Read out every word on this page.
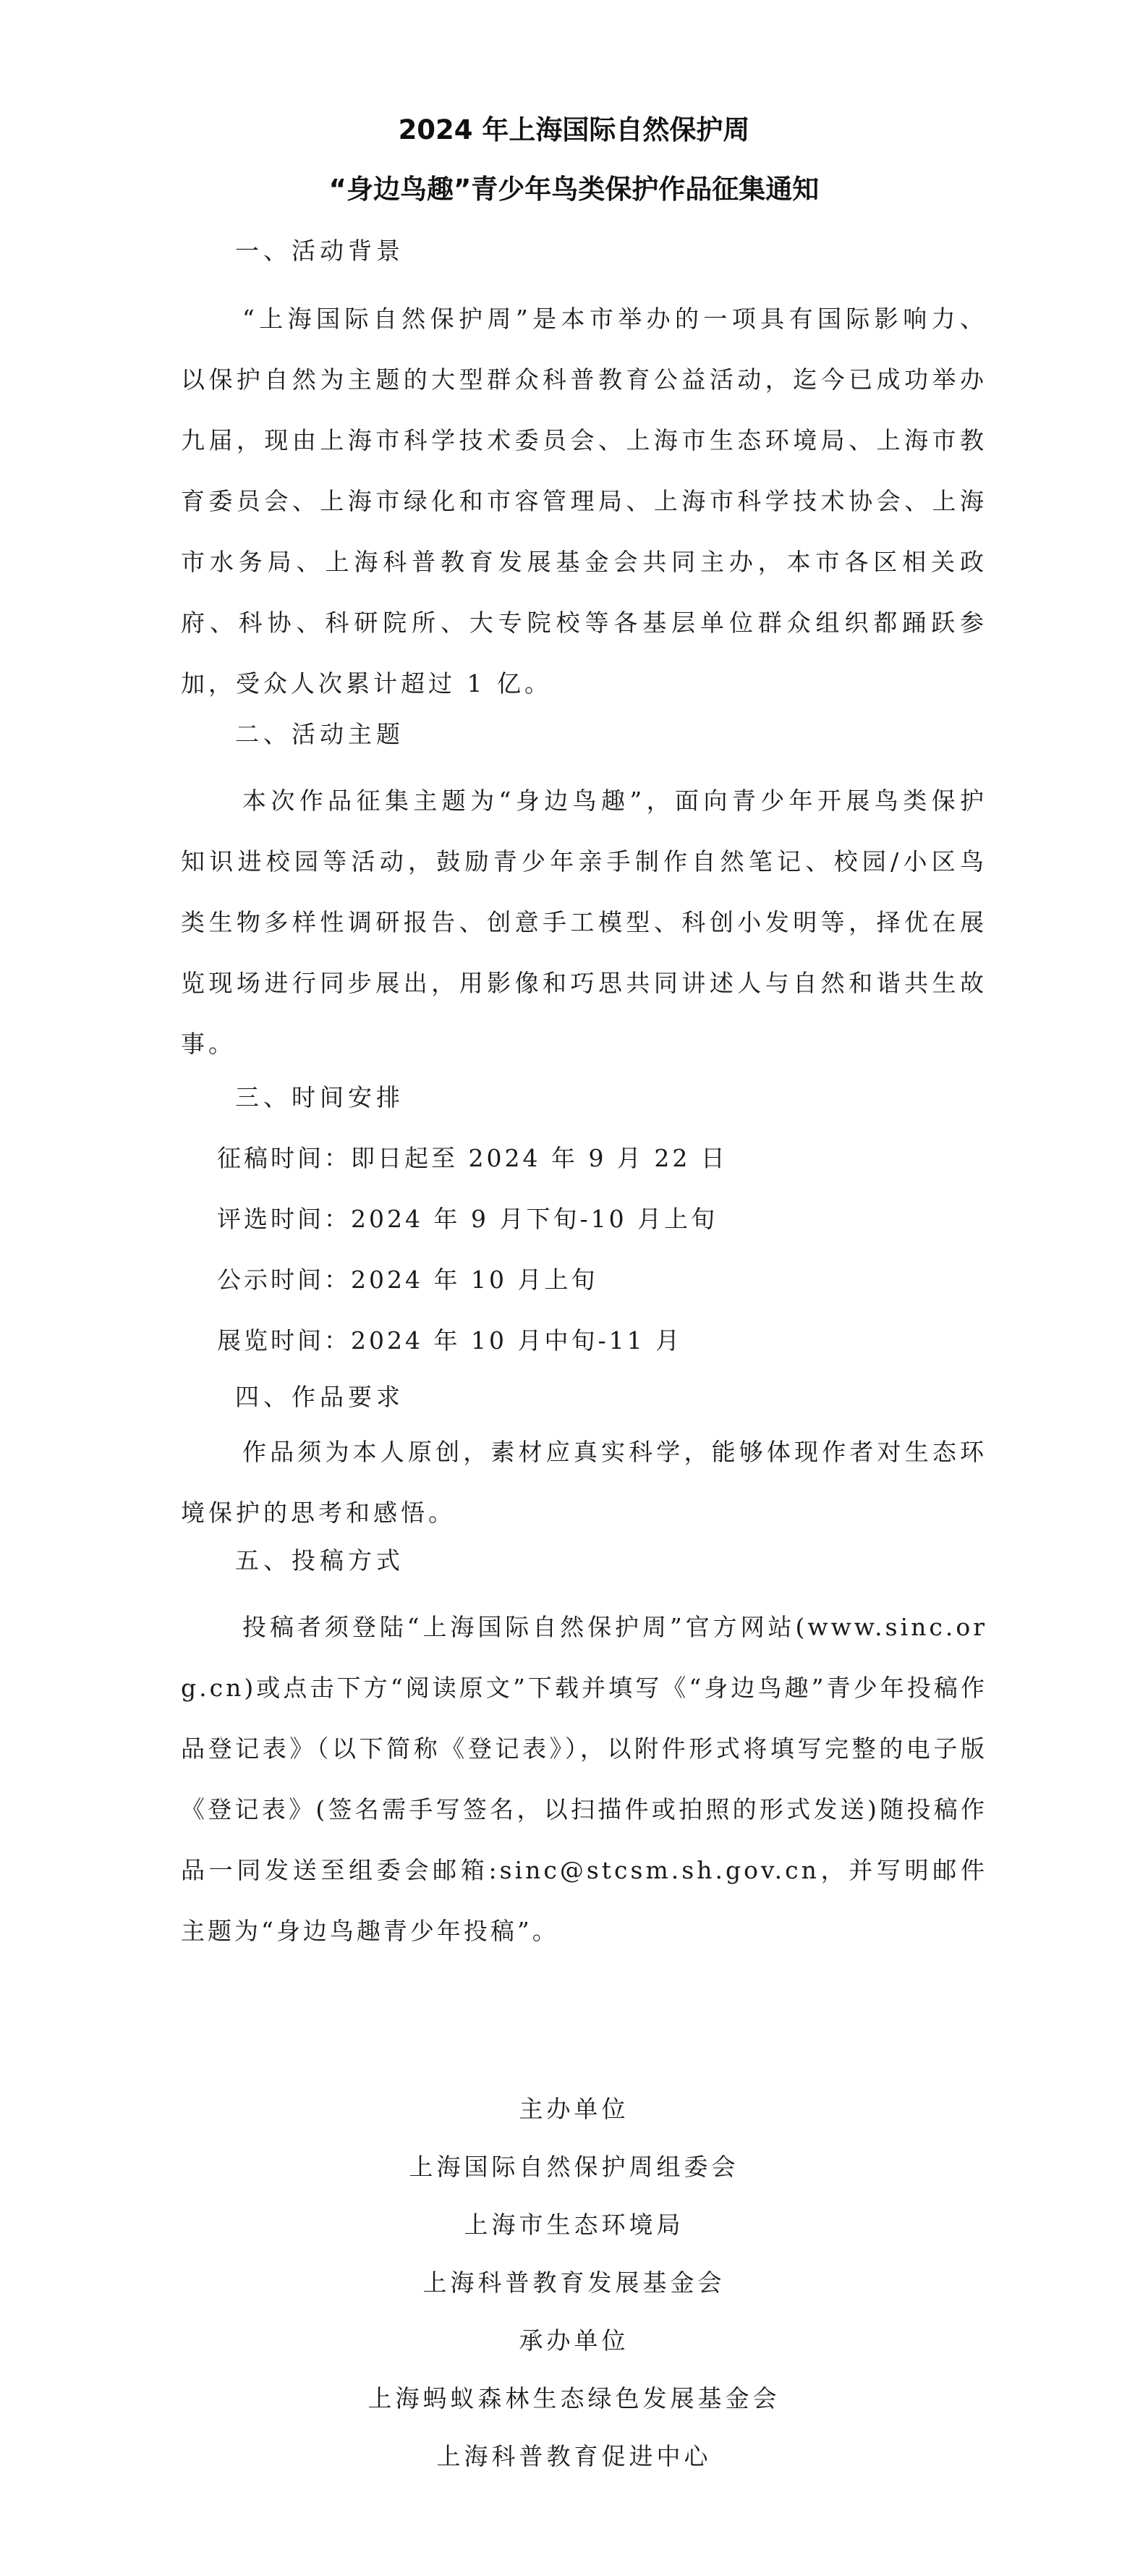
2024 年上海国际自然保护周
“身边鸟趣”青少年鸟类保护作品征集通知
一、活动背景

“上海国际自然保护周”是本市举办的一项具有国际影响力、以保护自然为主题的大型群众科普教育公益活动，迄今已成功举办九届，现由上海市科学技术委员会、上海市生态环境局、上海市教育委员会、上海市绿化和市容管理局、上海市科学技术协会、上海市水务局、上海科普教育发展基金会共同主办，本市各区相关政府、科协、科研院所、大专院校等各基层单位群众组织都踊跃参加，受众人次累计超过 1 亿。

二、活动主题

本次作品征集主题为“身边鸟趣”，面向青少年开展鸟类保护知识进校园等活动，鼓励青少年亲手制作自然笔记、校园/小区鸟类生物多样性调研报告、创意手工模型、科创小发明等，择优在展览现场进行同步展出，用影像和巧思共同讲述人与自然和谐共生故事。

三、时间安排
征稿时间：即日起至 2024 年 9 月 22 日
评选时间：2024 年 9 月下旬-10 月上旬
公示时间：2024 年 10 月上旬
展览时间：2024 年 10 月中旬-11 月
四、作品要求

作品须为本人原创，素材应真实科学，能够体现作者对生态环境保护的思考和感悟。

五、投稿方式

投稿者须登陆“上海国际自然保护周”官方网站(www.sinc.org.cn)或点击下方“阅读原文”下载并填写《“身边鸟趣”青少年投稿作品登记表》（以下简称《登记表》），以附件形式将填写完整的电子版《登记表》(签名需手写签名，以扫描件或拍照的形式发送)随投稿作品一同发送至组委会邮箱:sinc@stcsm.sh.gov.cn，并写明邮件主题为“身边鸟趣青少年投稿”。

主办单位
上海国际自然保护周组委会
上海市生态环境局
上海科普教育发展基金会
承办单位
上海蚂蚁森林生态绿色发展基金会
上海科普教育促进中心
